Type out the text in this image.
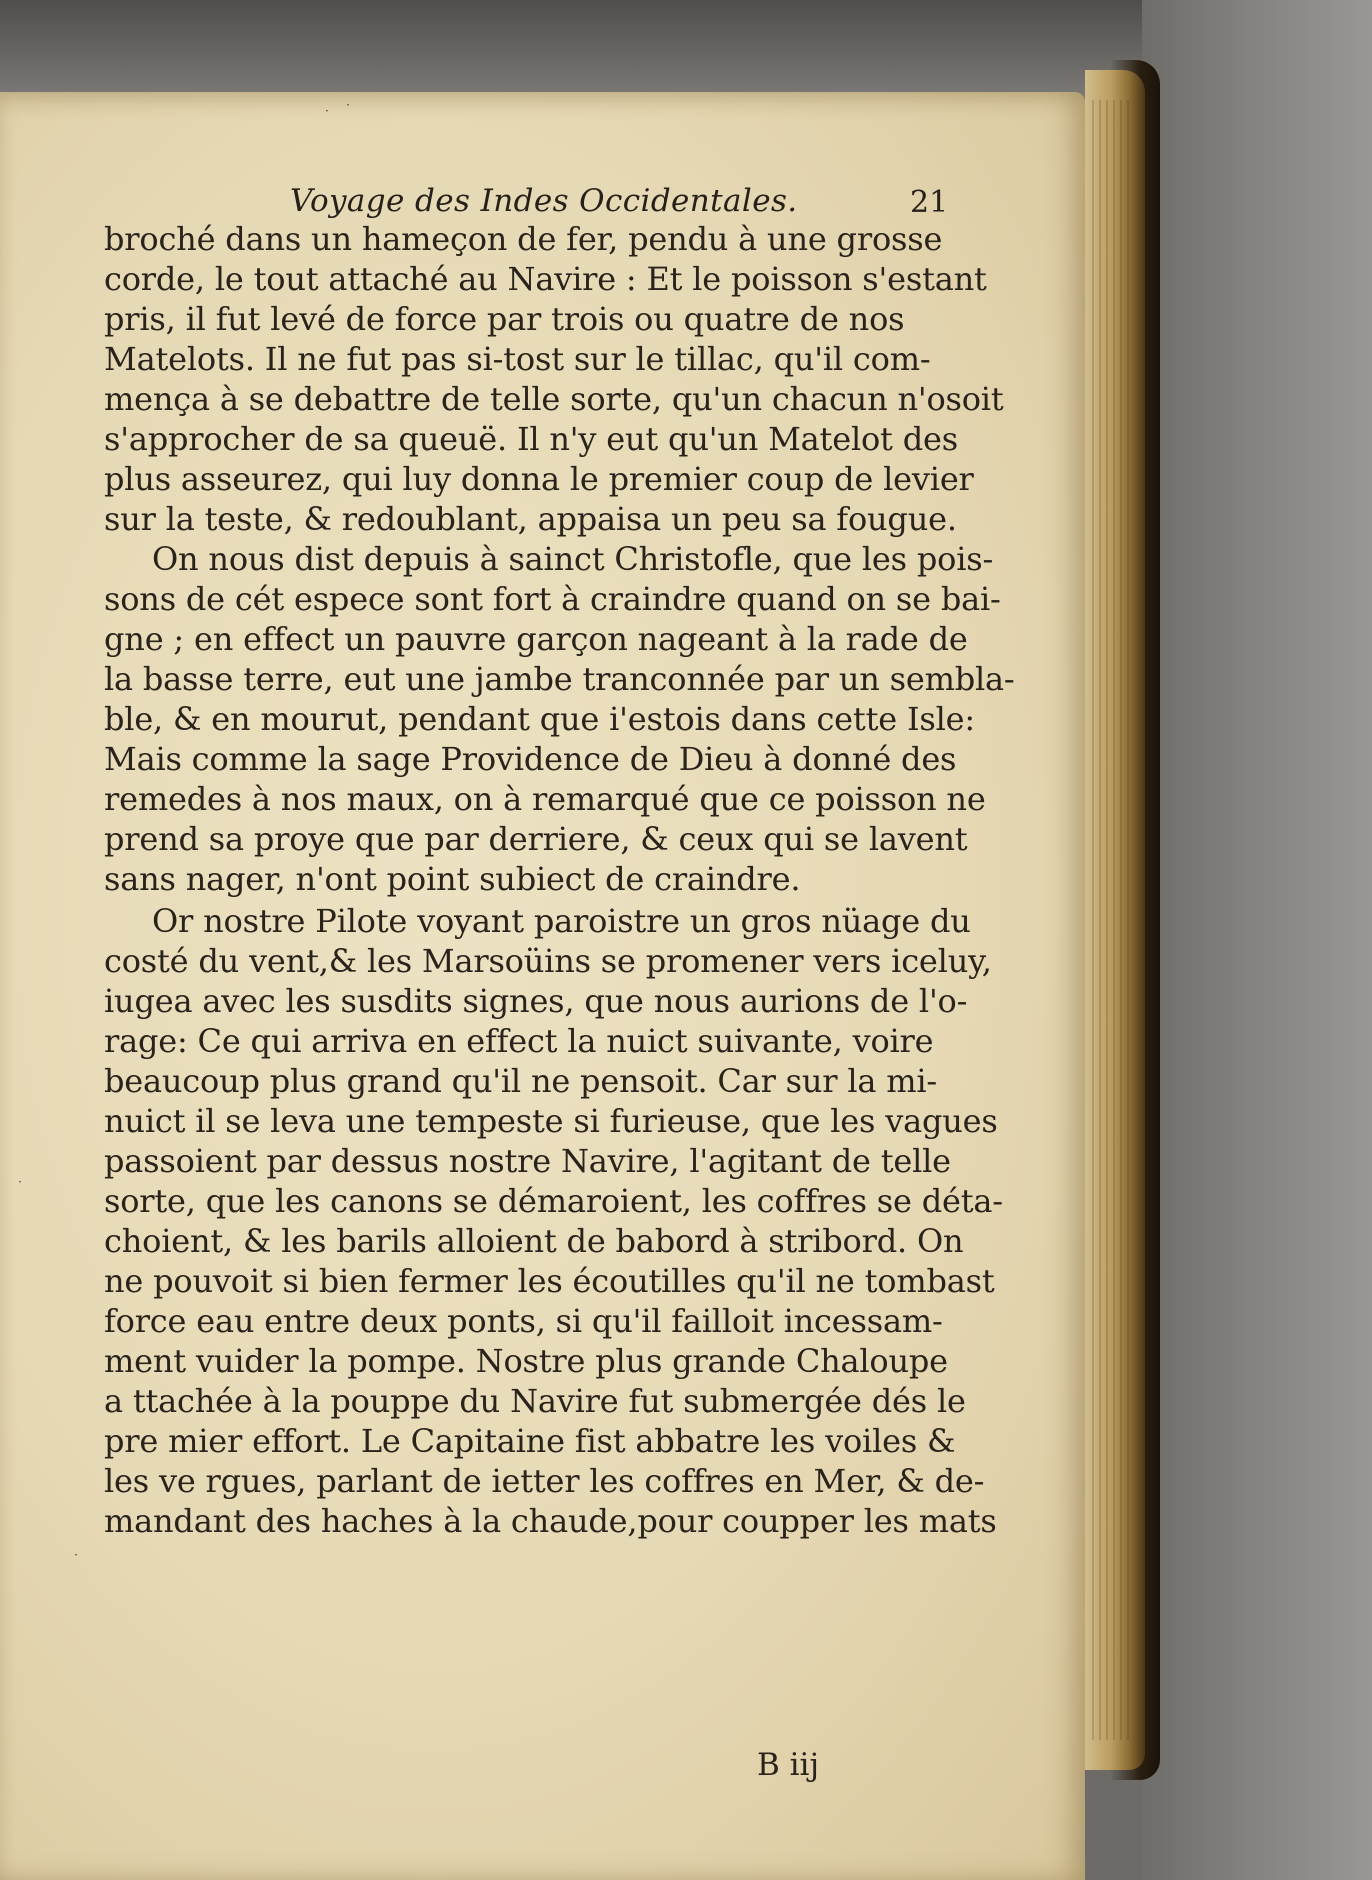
Voyage des Indes Occidentales.	21
broché dans un hameçon de fer, pendu à une grosse
corde, le tout attaché au Navire : Et le poisson s'estant
pris, il fut levé de force par trois ou quatre de nos
Matelots. Il ne fut pas si-tost sur le tillac, qu'il com-
mença à se debattre de telle sorte, qu'un chacun n'osoit
s'approcher de sa queuë. Il n'y eut qu'un Matelot des
plus asseurez, qui luy donna le premier coup de levier
sur la teste, & redoublant, appaisa un peu sa fougue.
On nous dist depuis à sainct Christofle, que les pois-
sons de cét espece sont fort à craindre quand on se bai-
gne ; en effect un pauvre garçon nageant à la rade de
la basse terre, eut une jambe tranconnée par un sembla-
ble, & en mourut, pendant que i'estois dans cette Isle:
Mais comme la sage Providence de Dieu à donné des
remedes à nos maux, on à remarqué que ce poisson ne
prend sa proye que par derriere, & ceux qui se lavent
sans nager, n'ont point subiect de craindre.
Or nostre Pilote voyant paroistre un gros nüage du
costé du vent,& les Marsoüins se promener vers iceluy,
iugea avec les susdits signes, que nous aurions de l'o-
rage: Ce qui arriva en effect la nuict suivante, voire
beaucoup plus grand qu'il ne pensoit. Car sur la mi-
nuict il se leva une tempeste si furieuse, que les vagues
passoient par dessus nostre Navire, l'agitant de telle
sorte, que les canons se démaroient, les coffres se déta-
choient, & les barils alloient de babord à stribord. On
ne pouvoit si bien fermer les écoutilles qu'il ne tombast
force eau entre deux ponts, si qu'il failloit incessam-
ment vuider la pompe. Nostre plus grande Chaloupe
a ttachée à la pouppe du Navire fut submergée dés le
pre mier effort. Le Capitaine fist abbatre les voiles &
les ve rgues, parlant de ietter les coffres en Mer, & de-
mandant des haches à la chaude,pour coupper les mats
B iij
· ·
·
·
